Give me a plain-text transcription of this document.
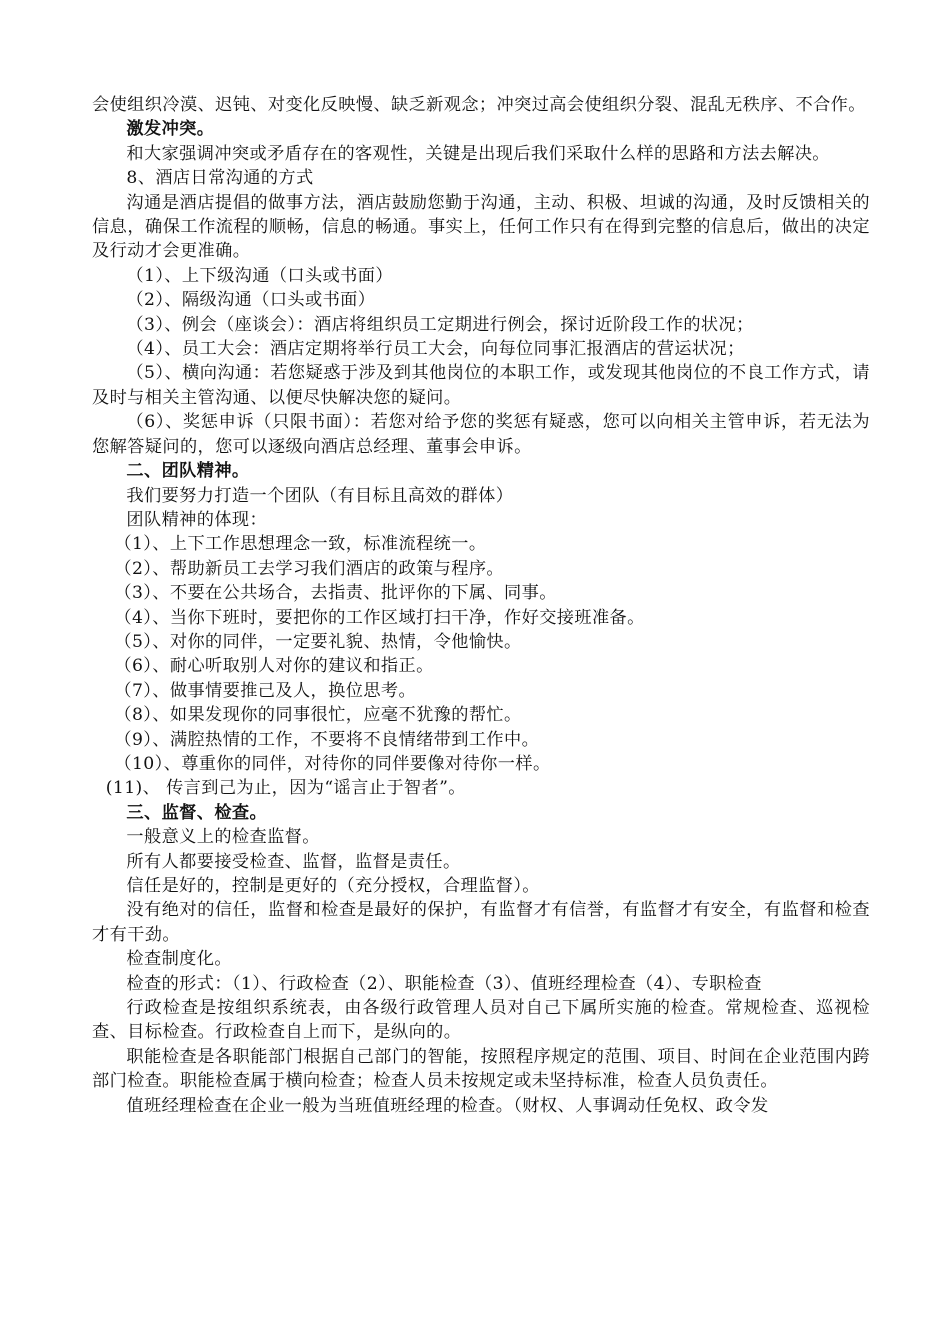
会使组织冷漠、迟钝、对变化反映慢、缺乏新观念；冲突过高会使组织分裂、混乱无秩序、不合作。

激发冲突。

和大家强调冲突或矛盾存在的客观性，关键是出现后我们采取什么样的思路和方法去解决。

8、酒店日常沟通的方式

沟通是酒店提倡的做事方法，酒店鼓励您勤于沟通，主动、积极、坦诚的沟通，及时反馈相关的信息，确保工作流程的顺畅，信息的畅通。事实上，任何工作只有在得到完整的信息后，做出的决定及行动才会更准确。

（1）、上下级沟通（口头或书面）

（2）、隔级沟通（口头或书面）

（3）、例会（座谈会）：酒店将组织员工定期进行例会，探讨近阶段工作的状况；

（4）、员工大会：酒店定期将举行员工大会，向每位同事汇报酒店的营运状况；

（5）、横向沟通：若您疑惑于涉及到其他岗位的本职工作，或发现其他岗位的不良工作方式，请及时与相关主管沟通、以便尽快解决您的疑问。

（6）、奖惩申诉（只限书面）：若您对给予您的奖惩有疑惑，您可以向相关主管申诉，若无法为您解答疑问的，您可以逐级向酒店总经理、董事会申诉。

二、团队精神。

我们要努力打造一个团队（有目标且高效的群体）

团队精神的体现：

（1）、上下工作思想理念一致，标准流程统一。

（2）、帮助新员工去学习我们酒店的政策与程序。

（3）、不要在公共场合，去指责、批评你的下属、同事。

（4）、当你下班时，要把你的工作区域打扫干净，作好交接班准备。

（5）、对你的同伴，一定要礼貌、热情，令他愉快。

（6）、耐心听取别人对你的建议和指正。

（7）、做事情要推己及人，换位思考。

（8）、如果发现你的同事很忙，应毫不犹豫的帮忙。

（9）、满腔热情的工作，不要将不良情绪带到工作中。

（10）、尊重你的同伴，对待你的同伴要像对待你一样。

(11)、 传言到己为止，因为“谣言止于智者”。

三、监督、检查。

一般意义上的检查监督。

所有人都要接受检查、监督，监督是责任。

信任是好的，控制是更好的（充分授权，合理监督）。

没有绝对的信任，监督和检查是最好的保护，有监督才有信誉，有监督才有安全，有监督和检查才有干劲。

检查制度化。

检查的形式：（1）、行政检查（2）、职能检查（3）、值班经理检查（4）、专职检查

行政检查是按组织系统表，由各级行政管理人员对自己下属所实施的检查。常规检查、巡视检查、目标检查。行政检查自上而下，是纵向的。

职能检查是各职能部门根据自己部门的智能，按照程序规定的范围、项目、时间在企业范围内跨部门检查。职能检查属于横向检查；检查人员未按规定或未坚持标准，检查人员负责任。

值班经理检查在企业一般为当班值班经理的检查。（财权、人事调动任免权、政令发
